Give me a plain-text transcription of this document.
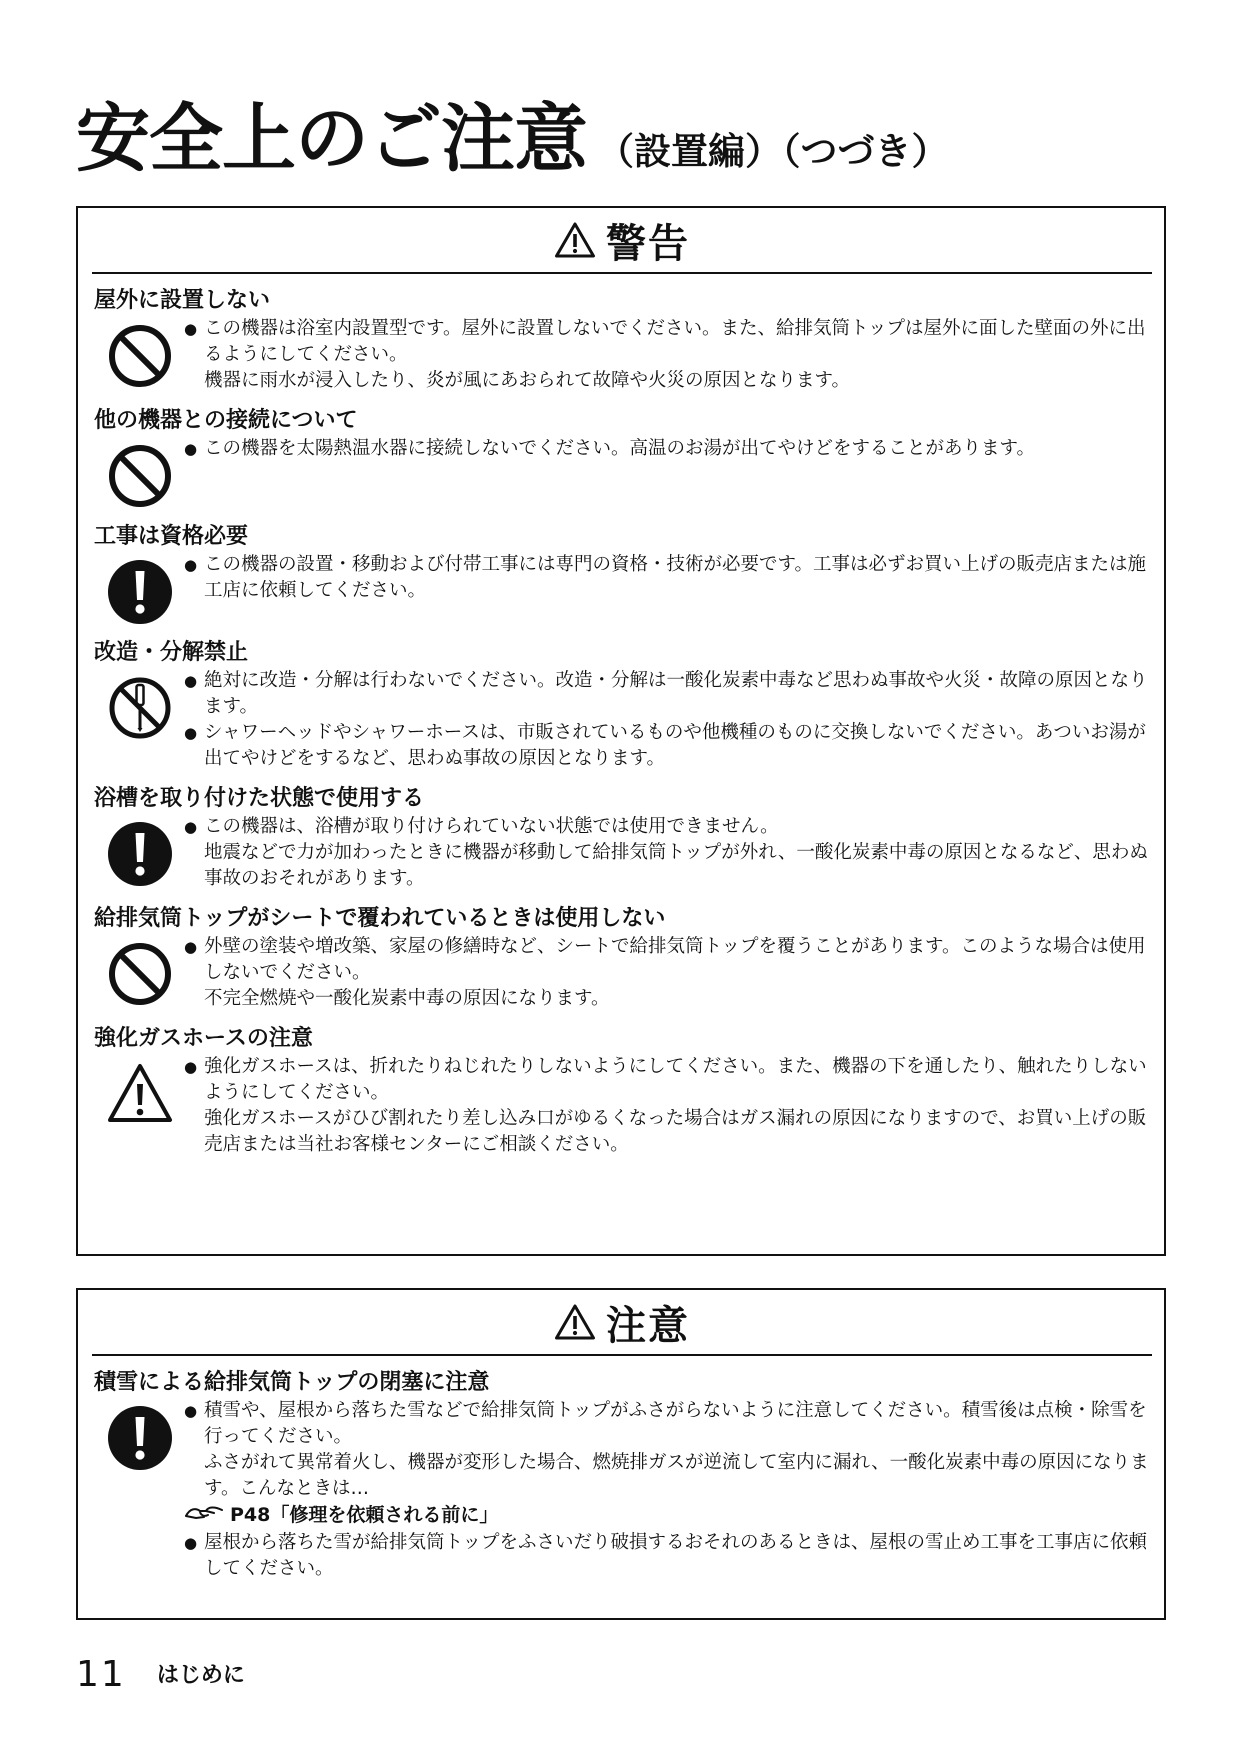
安全上のご注意 （設置編）（つづき）
警告
屋外に設置しない
● この機器は浴室内設置型です。屋外に設置しないでください。また、給排気筒トップは屋外に面した壁面の外に出るようにしてください。
機器に雨水が浸入したり、炎が風にあおられて故障や火災の原因となります。
他の機器との接続について
● この機器を太陽熱温水器に接続しないでください。高温のお湯が出てやけどをすることがあります。
工事は資格必要
● この機器の設置・移動および付帯工事には専門の資格・技術が必要です。工事は必ずお買い上げの販売店または施工店に依頼してください。
改造・分解禁止
● 絶対に改造・分解は行わないでください。改造・分解は一酸化炭素中毒など思わぬ事故や火災・故障の原因となります。
● シャワーヘッドやシャワーホースは、市販されているものや他機種のものに交換しないでください。あついお湯が出てやけどをするなど、思わぬ事故の原因となります。
浴槽を取り付けた状態で使用する
● この機器は、浴槽が取り付けられていない状態では使用できません。
地震などで力が加わったときに機器が移動して給排気筒トップが外れ、一酸化炭素中毒の原因となるなど、思わぬ事故のおそれがあります。
給排気筒トップがシートで覆われているときは使用しない
● 外壁の塗装や増改築、家屋の修繕時など、シートで給排気筒トップを覆うことがあります。このような場合は使用しないでください。
不完全燃焼や一酸化炭素中毒の原因になります。
強化ガスホースの注意
● 強化ガスホースは、折れたりねじれたりしないようにしてください。また、機器の下を通したり、触れたりしないようにしてください。
強化ガスホースがひび割れたり差し込み口がゆるくなった場合はガス漏れの原因になりますので、お買い上げの販売店または当社お客様センターにご相談ください。
注意
積雪による給排気筒トップの閉塞に注意
● 積雪や、屋根から落ちた雪などで給排気筒トップがふさがらないように注意してください。積雪後は点検・除雪を行ってください。
ふさがれて異常着火し、機器が変形した場合、燃焼排ガスが逆流して室内に漏れ、一酸化炭素中毒の原因になります。こんなときは…
P48「修理を依頼される前に」
● 屋根から落ちた雪が給排気筒トップをふさいだり破損するおそれのあるときは、屋根の雪止め工事を工事店に依頼してください。
11 はじめに
